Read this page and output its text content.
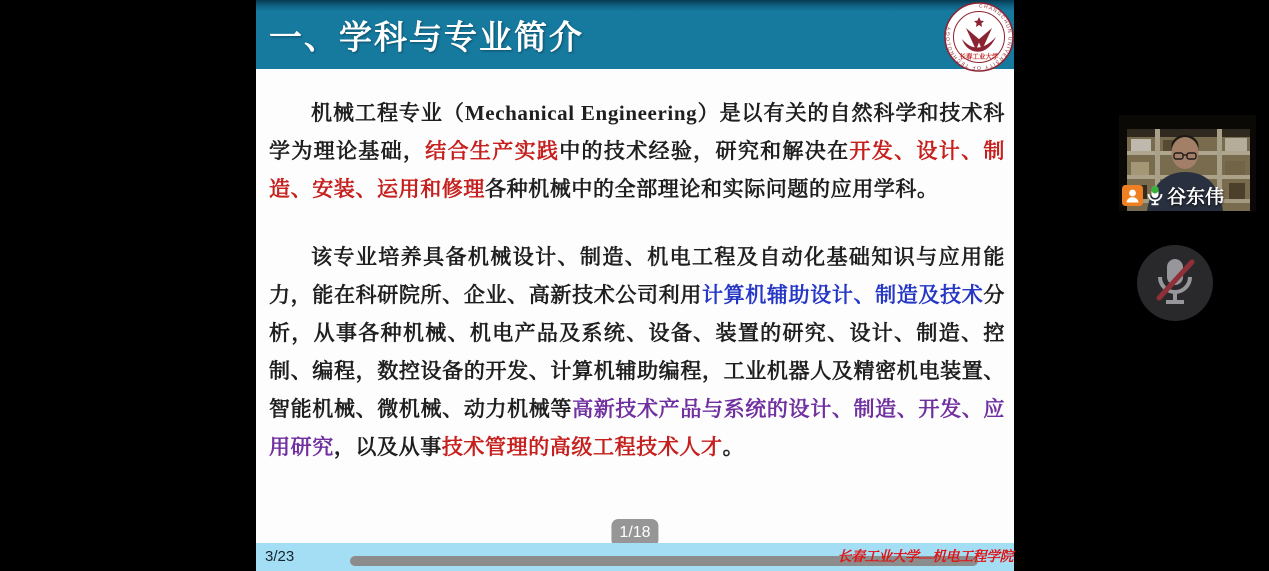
一、学科与专业简介
CHANGCHUN UNIVERSITY OF TECHNOLOGY
长春工业大学

机械工程专业（Mechanical Engineering）是以有关的自然科学和技术科学为理论基础，结合生产实践中的技术经验，研究和解决在开发、设计、制造、安装、运用和修理各种机械中的全部理论和实际问题的应用学科。

该专业培养具备机械设计、制造、机电工程及自动化基础知识与应用能力，能在科研院所、企业、高新技术公司利用计算机辅助设计、制造及技术分析，从事各种机械、机电产品及系统、设备、装置的研究、设计、制造、控制、编程，数控设备的开发、计算机辅助编程，工业机器人及精密机电装置、智能机械、微机械、动力机械等高新技术产品与系统的设计、制造、开发、应用研究，以及从事技术管理的高级工程技术人才。

1/18
3/23	长春工业大学—机电工程学院
谷东伟
